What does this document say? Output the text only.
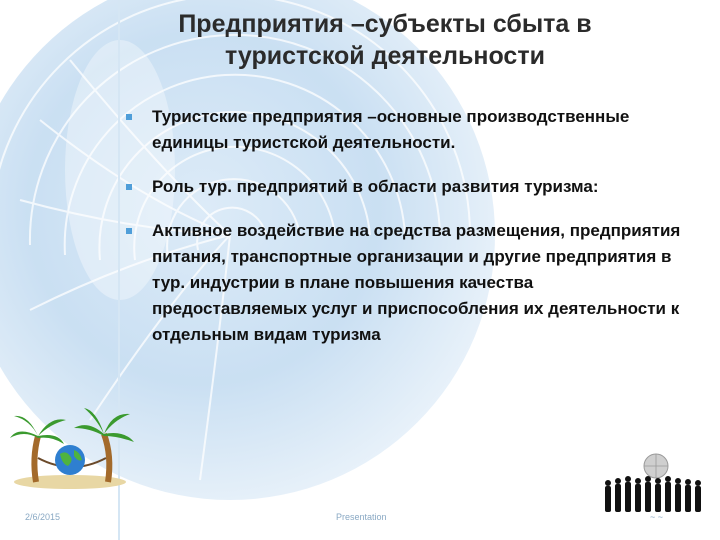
Предприятия –субъекты сбыта в
туристской деятельности
Туристские предприятия –основные производственные единицы туристской деятельности.
Роль тур. предприятий в области развития туризма:
Активное воздействие на средства размещения, предприятия питания, транспортные организации и другие предприятия в тур. индустрии в плане повышения качества предоставляемых услуг и приспособления их деятельности к отдельным видам туризма
2/6/2015	Presentation	~ ~
